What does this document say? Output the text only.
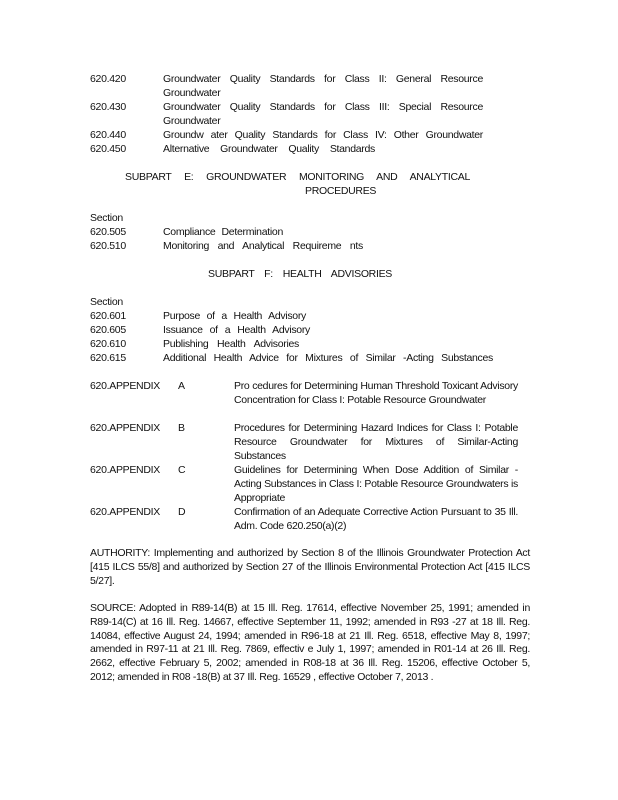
620.420	Groundwater Quality Standards for Class II: General Resource
Groundwater
620.430	Groundwater Quality Standards for Class III: Special Resource
Groundwater
620.440	Groundw ater Quality Standards for Class IV: Other Groundwater
620.450	Alternative Groundwater Quality Standards
SUBPART E: GROUNDWATER MONITORING AND ANALYTICAL
PROCEDURES
Section
620.505	Compliance Determination
620.510	Monitoring and Analytical Requireme nts
SUBPART F: HEALTH ADVISORIES
Section
620.601	Purpose of a Health Advisory
620.605	Issuance of a Health Advisory
620.610	Publishing Health Advisories
620.615	Additional Health Advice for Mixtures of Similar -Acting Substances
620.APPENDIX A	Pro cedures for Determining Human Threshold Toxicant Advisory Concentration for Class I: Potable Resource Groundwater
620.APPENDIX B	Procedures for Determining Hazard Indices for Class I: Potable Resource Groundwater for Mixtures of Similar-Acting Substances
620.APPENDIX C	Guidelines for Determining When Dose Addition of Similar -Acting Substances in Class I: Potable Resource Groundwaters is Appropriate
620.APPENDIX D	Confirmation of an Adequate Corrective Action Pursuant to 35 Ill. Adm. Code 620.250(a)(2)
AUTHORITY: Implementing and authorized by Section 8 of the Illinois Groundwater Protection Act [415 ILCS 55/8] and authorized by Section 27 of the Illinois Environmental Protection Act [415 ILCS 5/27].
SOURCE: Adopted in R89-14(B) at 15 Ill. Reg. 17614, effective November 25, 1991; amended in R89-14(C) at 16 Ill. Reg. 14667, effective September 11, 1992; amended in R93 -27 at 18 Ill. Reg. 14084, effective August 24, 1994; amended in R96-18 at 21 Ill. Reg. 6518, effective May 8, 1997; amended in R97-11 at 21 Ill. Reg. 7869, effectiv e July 1, 1997; amended in R01-14 at 26 Ill. Reg. 2662, effective February 5, 2002; amended in R08-18 at 36 Ill. Reg. 15206, effective October 5, 2012; amended in R08 -18(B) at 37 Ill. Reg. 16529 , effective October 7, 2013 .
